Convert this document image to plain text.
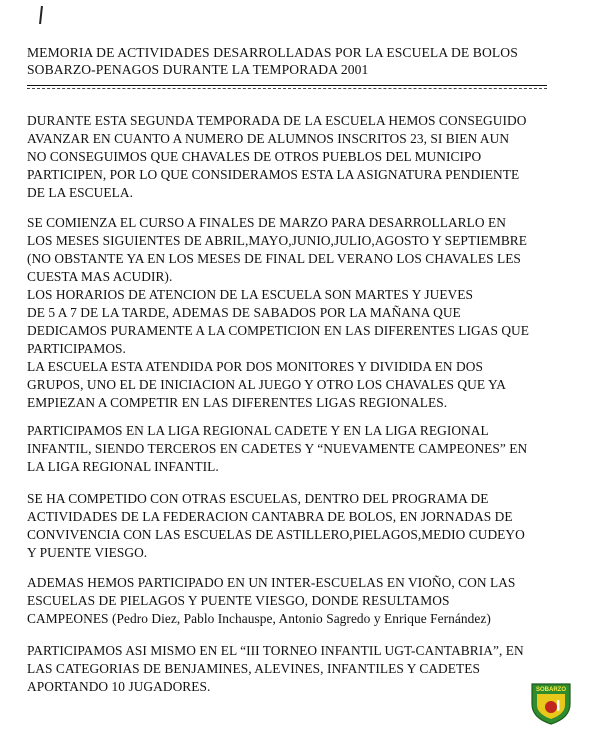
MEMORIA DE ACTIVIDADES DESARROLLADAS POR LA ESCUELA DE BOLOS
SOBARZO-PENAGOS DURANTE LA TEMPORADA 2001
DURANTE ESTA SEGUNDA TEMPORADA DE LA ESCUELA HEMOS CONSEGUIDO
AVANZAR EN CUANTO A NUMERO DE ALUMNOS INSCRITOS 23, SI BIEN AUN
NO CONSEGUIMOS QUE CHAVALES DE OTROS PUEBLOS DEL MUNICIPO
PARTICIPEN, POR LO QUE CONSIDERAMOS ESTA LA ASIGNATURA PENDIENTE
DE LA ESCUELA.
SE COMIENZA EL CURSO A FINALES DE MARZO PARA DESARROLLARLO EN
LOS MESES SIGUIENTES DE ABRIL,MAYO,JUNIO,JULIO,AGOSTO Y SEPTIEMBRE
(NO OBSTANTE YA EN LOS MESES DE FINAL DEL VERANO LOS CHAVALES LES
CUESTA MAS ACUDIR).
LOS HORARIOS DE ATENCION DE LA ESCUELA SON MARTES Y JUEVES
DE 5 A 7 DE LA TARDE, ADEMAS DE SABADOS POR LA MAÑANA QUE
DEDICAMOS PURAMENTE A LA COMPETICION EN LAS DIFERENTES LIGAS QUE
PARTICIPAMOS.
LA ESCUELA ESTA ATENDIDA POR DOS MONITORES Y DIVIDIDA EN DOS
GRUPOS, UNO EL DE INICIACION AL JUEGO Y OTRO LOS CHAVALES QUE YA
EMPIEZAN A COMPETIR EN LAS DIFERENTES LIGAS REGIONALES.
PARTICIPAMOS EN LA LIGA REGIONAL CADETE Y EN LA LIGA REGIONAL
INFANTIL, SIENDO TERCEROS EN CADETES Y “NUEVAMENTE CAMPEONES” EN
LA LIGA REGIONAL INFANTIL.
SE HA COMPETIDO CON OTRAS ESCUELAS, DENTRO DEL PROGRAMA DE
ACTIVIDADES DE LA FEDERACION CANTABRA DE BOLOS, EN JORNADAS DE
CONVIVENCIA CON LAS ESCUELAS DE ASTILLERO,PIELAGOS,MEDIO CUDEYO
Y PUENTE VIESGO.
ADEMAS HEMOS PARTICIPADO EN UN INTER-ESCUELAS EN VIOÑO, CON LAS
ESCUELAS DE PIELAGOS Y PUENTE VIESGO, DONDE RESULTAMOS
CAMPEONES (Pedro Diez, Pablo Inchauspe, Antonio Sagredo y Enrique Fernández)
PARTICIPAMOS ASI MISMO EN EL “III TORNEO INFANTIL UGT-CANTABRIA”, EN
LAS CATEGORIAS DE BENJAMINES, ALEVINES, INFANTILES Y CADETES
APORTANDO 10 JUGADORES.	SOBARZO
